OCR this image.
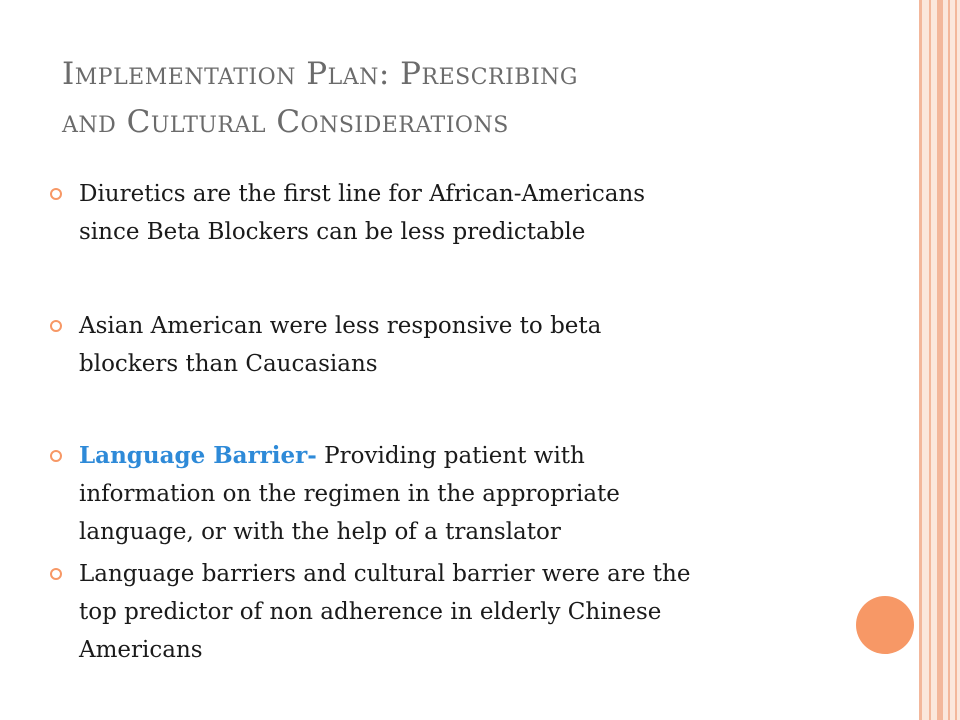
Implementation Plan: Prescribing
and Cultural Considerations
Diuretics are the first line for African-Americans
since Beta Blockers can be less predictable
Asian American were less responsive to beta
blockers than Caucasians
Language Barrier- Providing patient with
information on the regimen in the appropriate
language, or with the help of a translator
Language barriers and cultural barrier were are the
top predictor of non adherence in elderly Chinese
Americans
